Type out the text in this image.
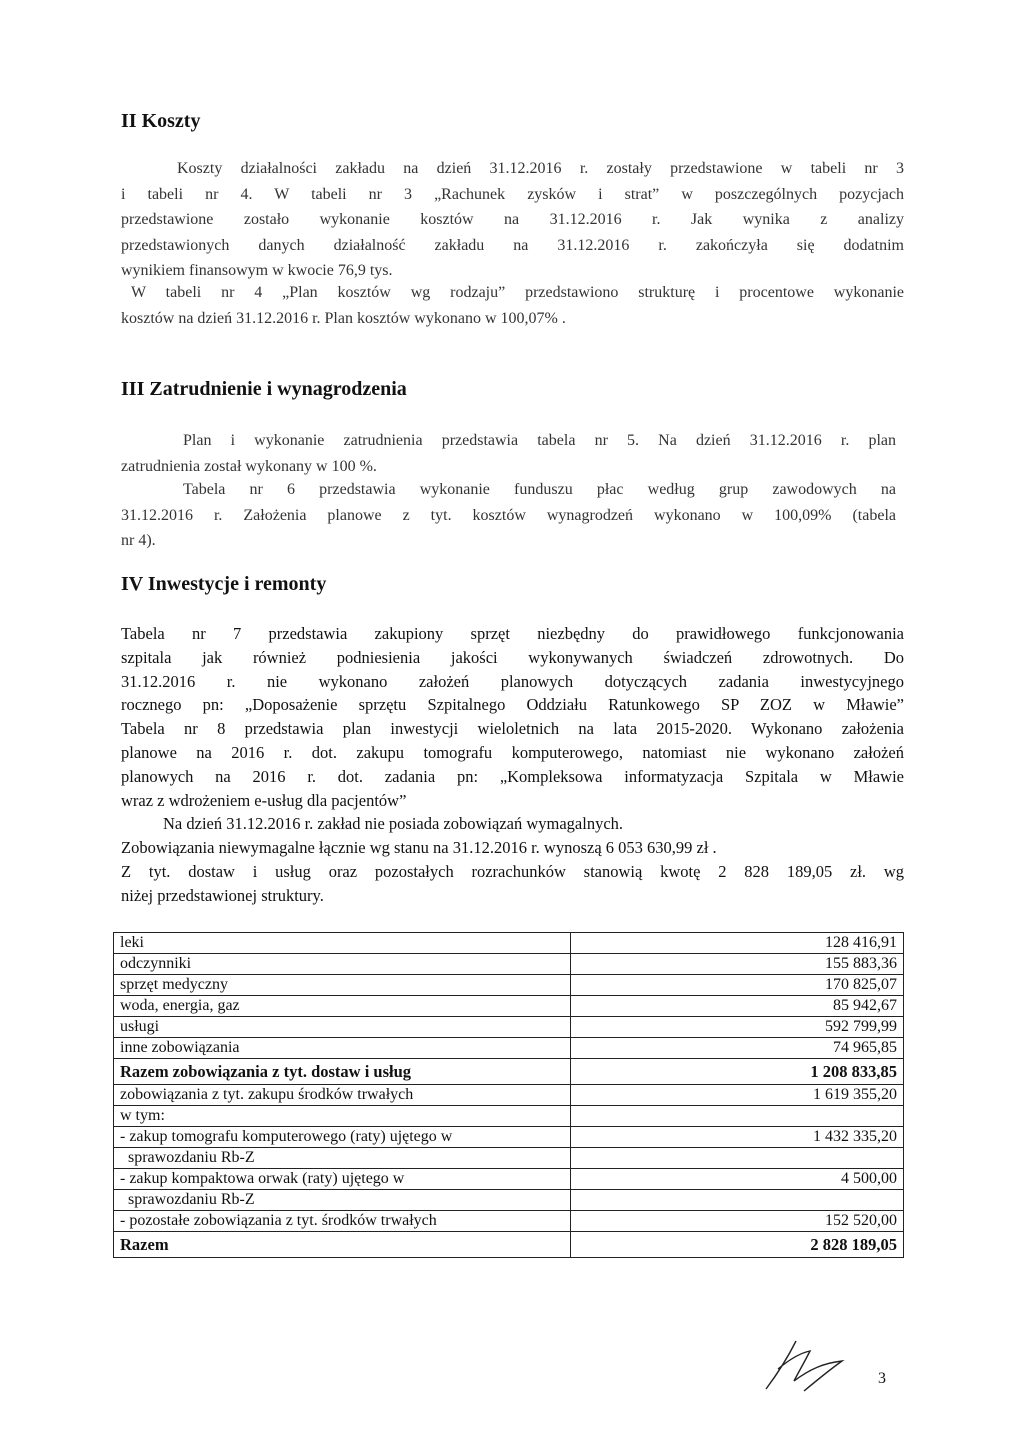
II Koszty
Koszty działalności zakładu na dzień 31.12.2016 r. zostały przedstawione w tabeli nr 3
i tabeli nr 4. W tabeli nr 3 „Rachunek zysków i strat” w poszczególnych pozycjach
przedstawione zostało wykonanie kosztów na 31.12.2016 r. Jak wynika z analizy
przedstawionych danych działalność zakładu na 31.12.2016 r. zakończyła się dodatnim
wynikiem finansowym w kwocie 76,9 tys.
W tabeli nr 4 „Plan kosztów wg rodzaju” przedstawiono strukturę i procentowe wykonanie
kosztów na dzień 31.12.2016 r. Plan kosztów wykonano w 100,07% .
III Zatrudnienie i wynagrodzenia
Plan i wykonanie zatrudnienia przedstawia tabela nr 5. Na dzień 31.12.2016 r. plan
zatrudnienia został wykonany w 100 %.
Tabela nr 6 przedstawia wykonanie funduszu płac według grup zawodowych na
31.12.2016 r. Założenia planowe z tyt. kosztów wynagrodzeń wykonano w 100,09% (tabela
nr 4).
IV Inwestycje i remonty
Tabela nr 7 przedstawia zakupiony sprzęt niezbędny do prawidłowego funkcjonowania
szpitala jak również podniesienia jakości wykonywanych świadczeń zdrowotnych. Do
31.12.2016 r. nie wykonano założeń planowych dotyczących zadania inwestycyjnego
rocznego pn: „Doposażenie sprzętu Szpitalnego Oddziału Ratunkowego SP ZOZ w Mławie”
Tabela nr 8 przedstawia plan inwestycji wieloletnich na lata 2015-2020. Wykonano założenia
planowe na 2016 r. dot. zakupu tomografu komputerowego, natomiast nie wykonano założeń
planowych na 2016 r. dot. zadania pn: „Kompleksowa informatyzacja Szpitala w Mławie
wraz z wdrożeniem e-usług dla pacjentów”
Na dzień 31.12.2016 r. zakład nie posiada zobowiązań wymagalnych.
Zobowiązania niewymagalne łącznie wg stanu na 31.12.2016 r. wynoszą 6 053 630,99 zł .
Z tyt. dostaw i usług oraz pozostałych rozrachunków stanowią kwotę 2 828 189,05 zł. wg
niżej przedstawionej struktury.
leki	128 416,91
odczynniki	155 883,36
sprzęt medyczny	170 825,07
woda, energia, gaz	85 942,67
usługi	592 799,99
inne zobowiązania	74 965,85
Razem zobowiązania z tyt. dostaw i usług	1 208 833,85
zobowiązania z tyt. zakupu środków trwałych	1 619 355,20
w tym:	
- zakup tomografu komputerowego (raty) ujętego w	1 432 335,20
sprawozdaniu Rb-Z	
- zakup kompaktowa orwak (raty) ujętego w	4 500,00
sprawozdaniu Rb-Z	
- pozostałe zobowiązania z tyt. środków trwałych	152 520,00
Razem	2 828 189,05
3
